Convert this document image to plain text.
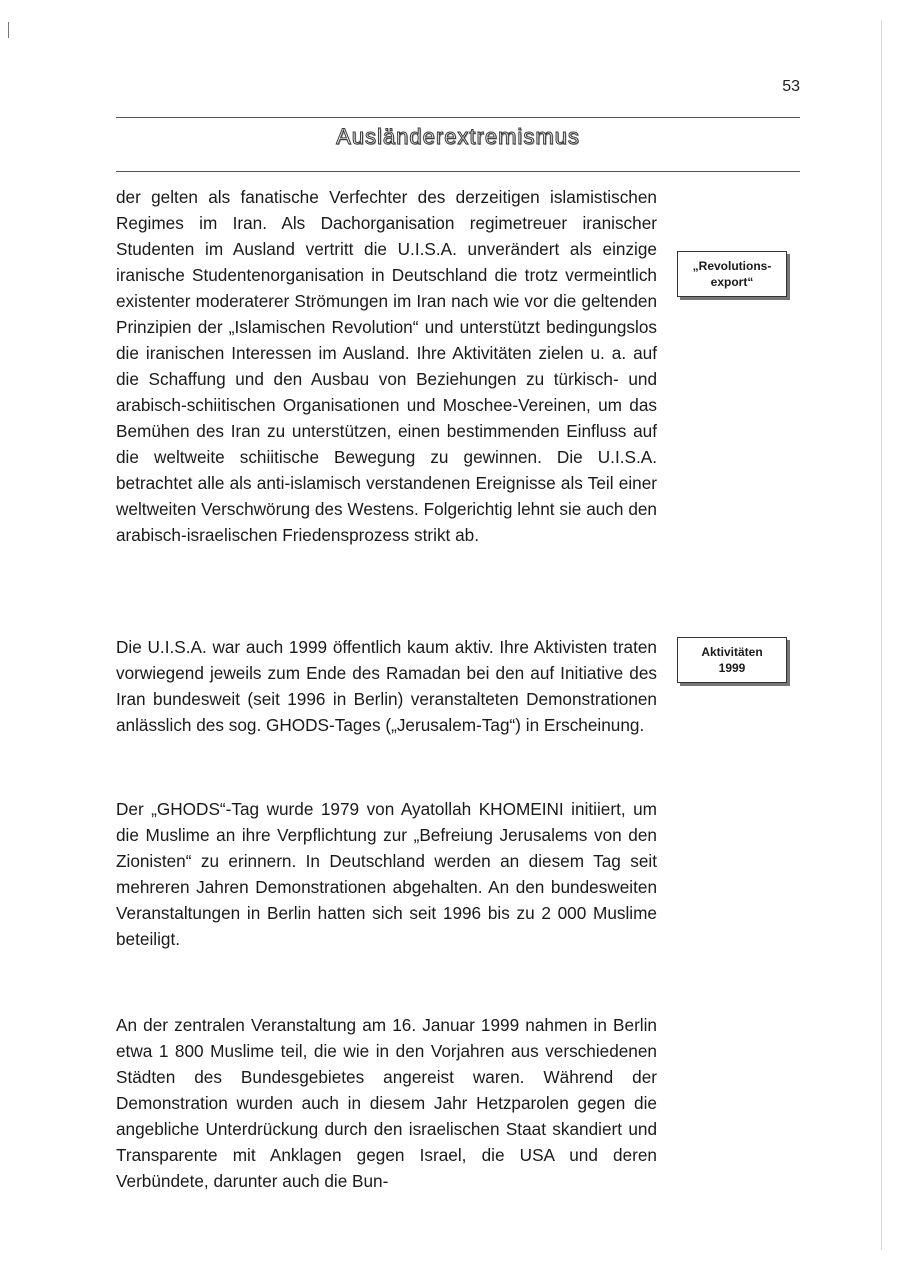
53
Ausländerextremismus

der gelten als fanatische Verfechter des derzeitigen islamistischen Regimes im Iran. Als Dachorganisation regimetreuer iranischer Studenten im Ausland vertritt die U.I.S.A. unverändert als einzige iranische Studentenorganisation in Deutschland die trotz vermeintlich existenter moderaterer Strömungen im Iran nach wie vor die geltenden Prinzipien der „Islamischen Revolution“ und unterstützt bedingungslos die iranischen Interessen im Ausland. Ihre Aktivitäten zielen u. a. auf die Schaffung und den Ausbau von Beziehungen zu türkisch- und arabisch-schiitischen Organisationen und Moschee-Vereinen, um das Bemühen des Iran zu unterstützen, einen bestimmenden Einfluss auf die weltweite schiitische Bewegung zu gewinnen. Die U.I.S.A. betrachtet alle als anti-islamisch verstandenen Ereignisse als Teil einer weltweiten Verschwörung des Westens. Folgerichtig lehnt sie auch den arabisch-israelischen Friedensprozess strikt ab.

Die U.I.S.A. war auch 1999 öffentlich kaum aktiv. Ihre Aktivisten traten vorwiegend jeweils zum Ende des Ramadan bei den auf Initiative des Iran bundesweit (seit 1996 in Berlin) veranstalteten Demonstrationen anlässlich des sog. GHODS-Tages („Jerusalem-Tag“) in Erscheinung.

Der „GHODS“-Tag wurde 1979 von Ayatollah KHOMEINI initiiert, um die Muslime an ihre Verpflichtung zur „Befreiung Jerusalems von den Zionisten“ zu erinnern. In Deutschland werden an diesem Tag seit mehreren Jahren Demonstrationen abgehalten. An den bundesweiten Veranstaltungen in Berlin hatten sich seit 1996 bis zu 2 000 Muslime beteiligt.

An der zentralen Veranstaltung am 16. Januar 1999 nahmen in Berlin etwa 1 800 Muslime teil, die wie in den Vorjahren aus verschiedenen Städten des Bundesgebietes angereist waren. Während der Demonstration wurden auch in diesem Jahr Hetzparolen gegen die angebliche Unterdrückung durch den israelischen Staat skandiert und Transparente mit Anklagen gegen Israel, die USA und deren Verbündete, darunter auch die Bun-

„Revolutions-
export“
Aktivitäten
1999
